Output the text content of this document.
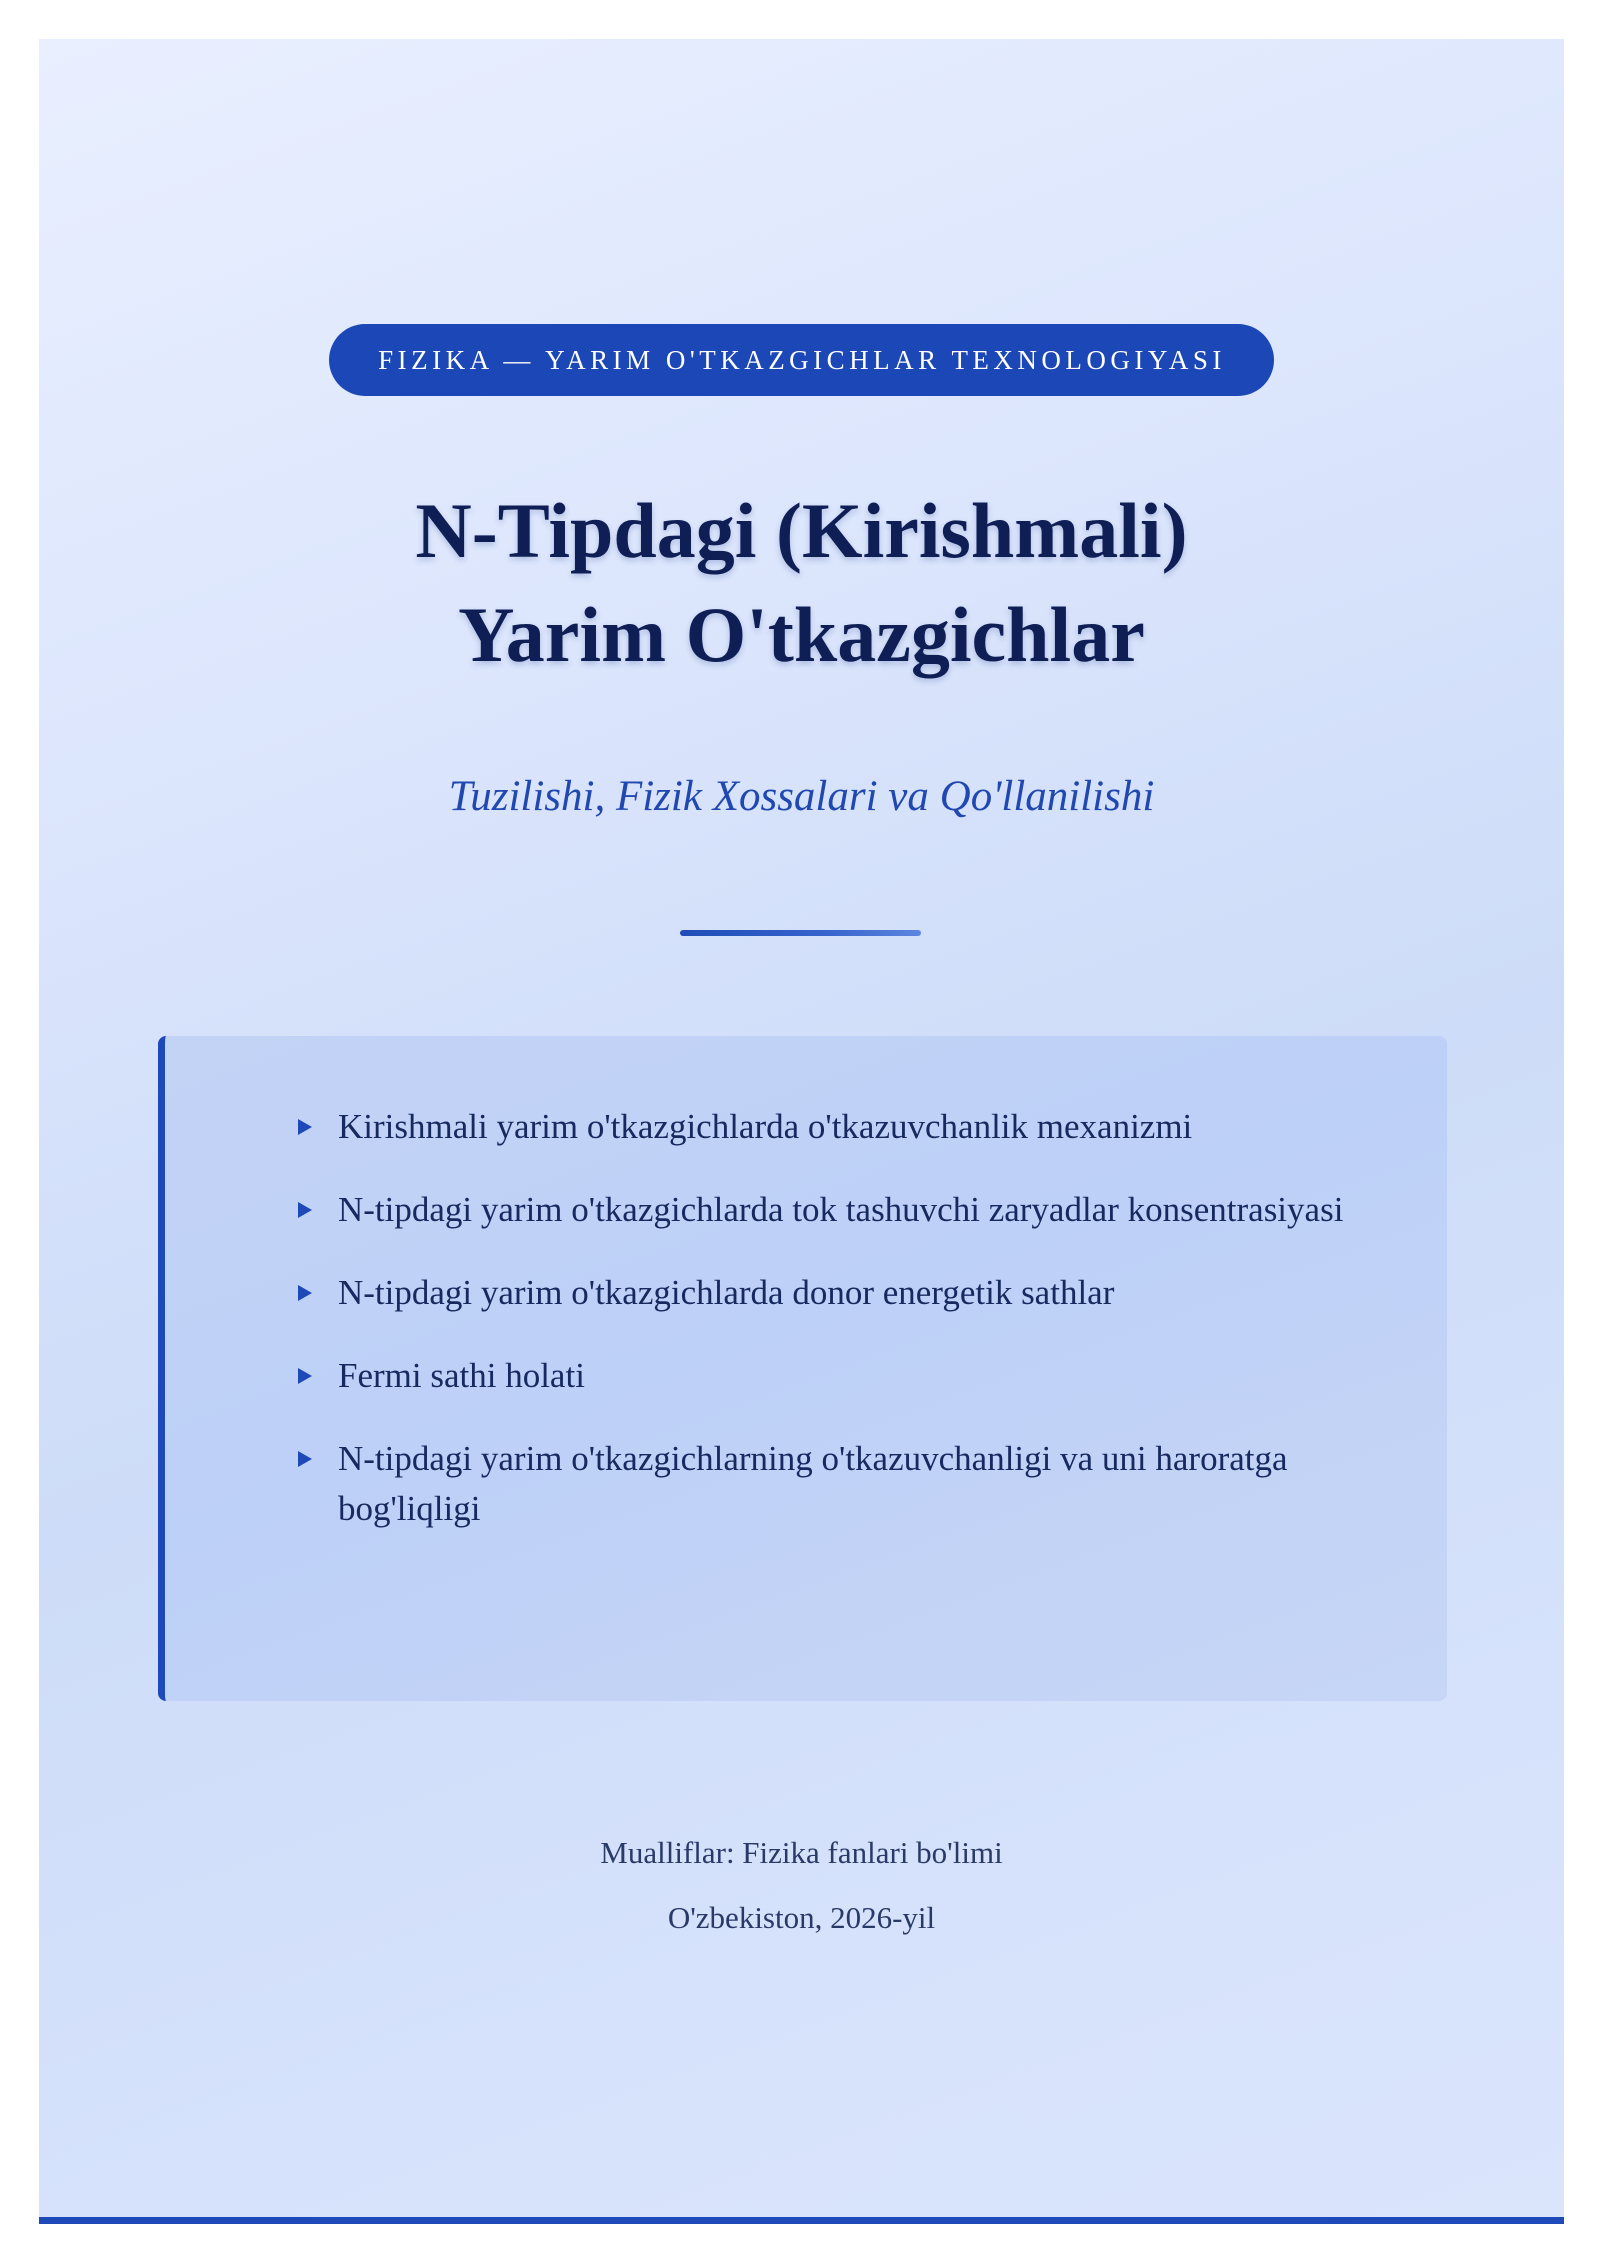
FIZIKA — YARIM O'TKAZGICHLAR TEXNOLOGIYASI
N-Tipdagi (Kirishmali)
Yarim O'tkazgichlar
Tuzilishi, Fizik Xossalari va Qo'llanilishi
Kirishmali yarim o'tkazgichlarda o'tkazuvchanlik mexanizmi
N-tipdagi yarim o'tkazgichlarda tok tashuvchi zaryadlar konsentrasiyasi
N-tipdagi yarim o'tkazgichlarda donor energetik sathlar
Fermi sathi holati
N-tipdagi yarim o'tkazgichlarning o'tkazuvchanligi va uni haroratga bog'liqligi
Mualliflar: Fizika fanlari bo'limi
O'zbekiston, 2026-yil
